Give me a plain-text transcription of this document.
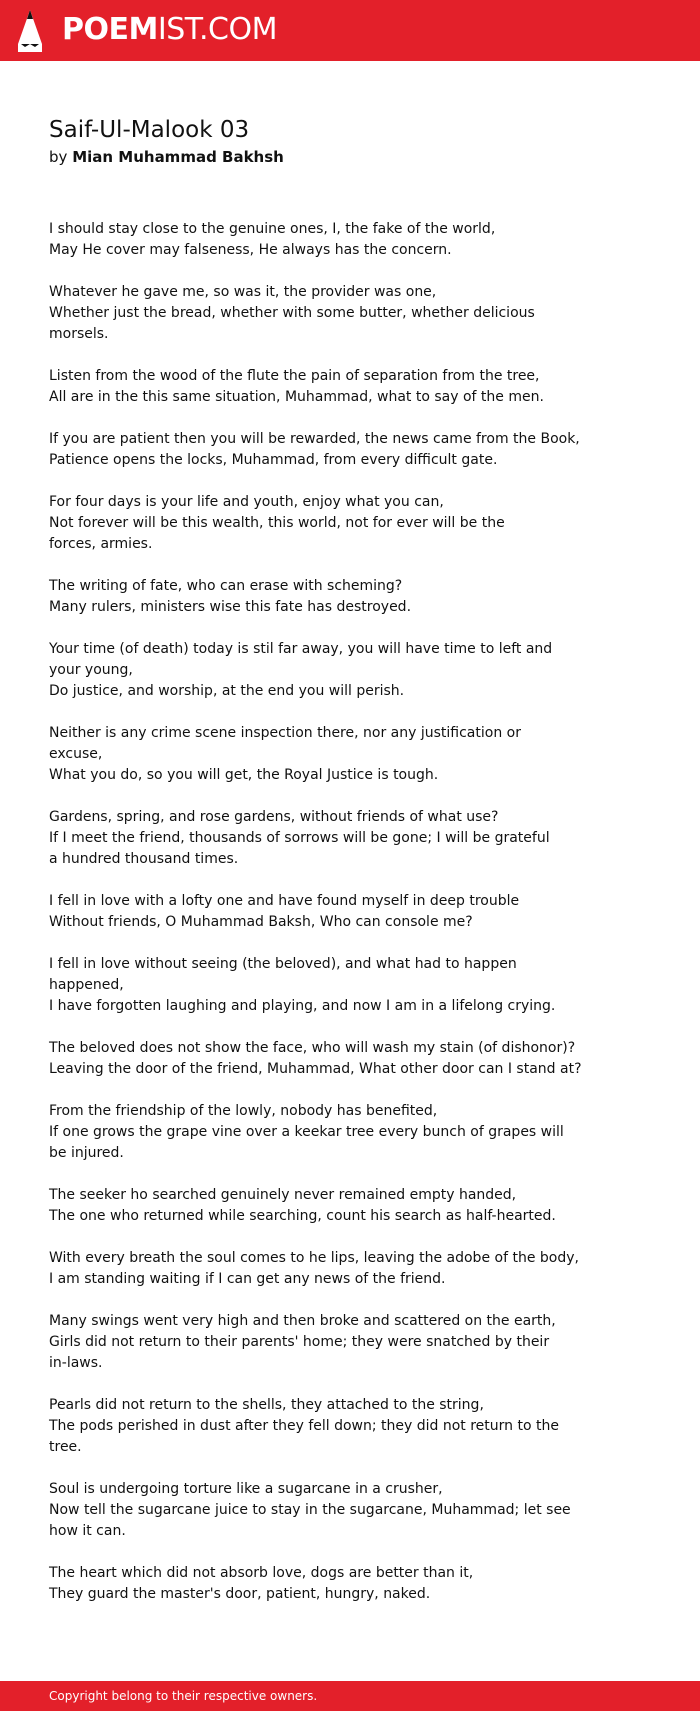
POEMIST.COM
Saif-Ul-Malook 03
by Mian Muhammad Bakhsh
I should stay close to the genuine ones, I, the fake of the world,
May He cover may falseness, He always has the concern.
Whatever he gave me, so was it, the provider was one,
Whether just the bread, whether with some butter, whether delicious
morsels.
Listen from the wood of the flute the pain of separation from the tree,
All are in the this same situation, Muhammad, what to say of the men.
If you are patient then you will be rewarded, the news came from the Book,
Patience opens the locks, Muhammad, from every difficult gate.
For four days is your life and youth, enjoy what you can,
Not forever will be this wealth, this world, not for ever will be the
forces, armies.
The writing of fate, who can erase with scheming?
Many rulers, ministers wise this fate has destroyed.
Your time (of death) today is stil far away, you will have time to left and
your young,
Do justice, and worship, at the end you will perish.
Neither is any crime scene inspection there, nor any justification or
excuse,
What you do, so you will get, the Royal Justice is tough.
Gardens, spring, and rose gardens, without friends of what use?
If I meet the friend, thousands of sorrows will be gone; I will be grateful
a hundred thousand times.
I fell in love with a lofty one and have found myself in deep trouble
Without friends, O Muhammad Baksh, Who can console me?
I fell in love without seeing (the beloved), and what had to happen
happened,
I have forgotten laughing and playing, and now I am in a lifelong crying.
The beloved does not show the face, who will wash my stain (of dishonor)?
Leaving the door of the friend, Muhammad, What other door can I stand at?
From the friendship of the lowly, nobody has benefited,
If one grows the grape vine over a keekar tree every bunch of grapes will
be injured.
The seeker ho searched genuinely never remained empty handed,
The one who returned while searching, count his search as half-hearted.
With every breath the soul comes to he lips, leaving the adobe of the body,
I am standing waiting if I can get any news of the friend.
Many swings went very high and then broke and scattered on the earth,
Girls did not return to their parents' home; they were snatched by their
in-laws.
Pearls did not return to the shells, they attached to the string,
The pods perished in dust after they fell down; they did not return to the
tree.
Soul is undergoing torture like a sugarcane in a crusher,
Now tell the sugarcane juice to stay in the sugarcane, Muhammad; let see
how it can.
The heart which did not absorb love, dogs are better than it,
They guard the master's door, patient, hungry, naked.
Copyright belong to their respective owners.
